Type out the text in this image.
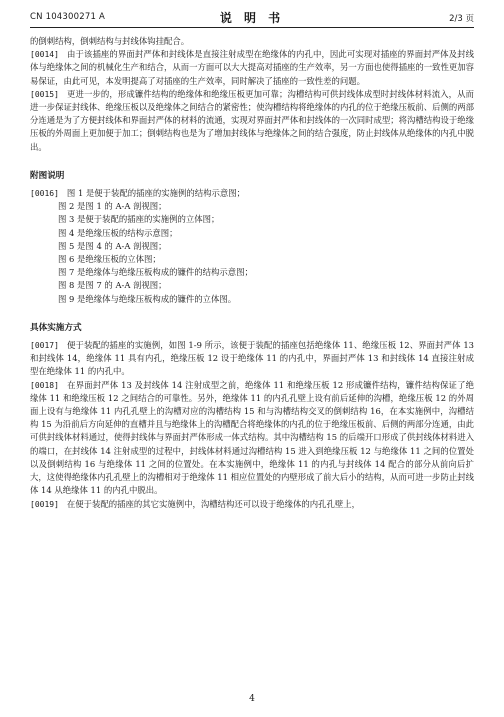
CN 104300271 A	说 明 书	2/3 页

的倒刺结构，倒刺结构与封线体钩挂配合。

[0014] 由于该插座的界面封严体和封线体是直接注射成型在绝缘体的内孔中，因此可实现对插座的界面封严体及封线体与绝缘体之间的机械化生产和结合，从而一方面可以大大提高对插座的生产效率，另一方面也使得插座的一致性更加容易保证，由此可见，本发明提高了对插座的生产效率，同时解决了插座的一致性差的问题。

[0015] 更进一步的，形成镰件结构的绝缘体和绝缘压板更加可靠；沟槽结构可供封线体成型时封线体材料流入，从而进一步保证封线体、绝缘压板以及绝缘体之间结合的紧密性；使沟槽结构将绝缘体的内孔的位于绝缘压板前、后侧的两部分连通是为了方便封线体和界面封严体的材料的流通，实现对界面封严体和封线体的一次同时成型；将沟槽结构设于绝缘压板的外周面上更加便于加工；倒刺结构也是为了增加封线体与绝缘体之间的结合强度，防止封线体从绝缘体的内孔中脱出。

附图说明

[0016] 图 1 是便于装配的插座的实施例的结构示意图；

图 2 是图 1 的 A-A 剖视图；

图 3 是便于装配的插座的实施例的立体图；

图 4 是绝缘压板的结构示意图；

图 5 是图 4 的 A-A 剖视图；

图 6 是绝缘压板的立体图；

图 7 是绝缘体与绝缘压板构成的镰件的结构示意图；

图 8 是图 7 的 A-A 剖视图；

图 9 是绝缘体与绝缘压板构成的镰件的立体图。

具体实施方式

[0017] 便于装配的插座的实施例，如图 1-9 所示，该便于装配的插座包括绝缘体 11、绝缘压板 12、界面封严体 13 和封线体 14，绝缘体 11 具有内孔，绝缘压板 12 设于绝缘体 11 的内孔中，界面封严体 13 和封线体 14 直接注射成型在绝缘体 11 的内孔中。

[0018] 在界面封严体 13 及封线体 14 注射成型之前，绝缘体 11 和绝缘压板 12 形成镰件结构，镰件结构保证了绝缘体 11 和绝缘压板 12 之间结合的可靠性。另外，绝缘体 11 的内孔孔壁上设有前后延伸的沟槽，绝缘压板 12 的外周面上设有与绝缘体 11 内孔孔壁上的沟槽对应的沟槽结构 15 和与沟槽结构交叉的倒刺结构 16，在本实施例中，沟槽结构 15 为沿前后方向延伸的直槽并且与绝缘体上的沟槽配合将绝缘体的内孔的位于绝缘压板前、后侧的两部分连通，由此可供封线体材料通过，使得封线体与界面封严体形成一体式结构。其中沟槽结构 15 的后端开口形成了供封线体材料进入的端口，在封线体 14 注射成型的过程中，封线体材料通过沟槽结构 15 进入到绝缘压板 12 与绝缘体 11 之间的位置处以及倒刺结构 16 与绝缘体 11 之间的位置处。在本实施例中，绝缘体 11 的内孔与封线体 14 配合的部分从前向后扩大，这使得绝缘体内孔孔壁上的沟槽相对于绝缘体 11 相应位置处的内壁形成了前大后小的结构，从而可进一步防止封线体 14 从绝缘体 11 的内孔中脱出。

[0019] 在便于装配的插座的其它实施例中，沟槽结构还可以设于绝缘体的内孔孔壁上，

4
